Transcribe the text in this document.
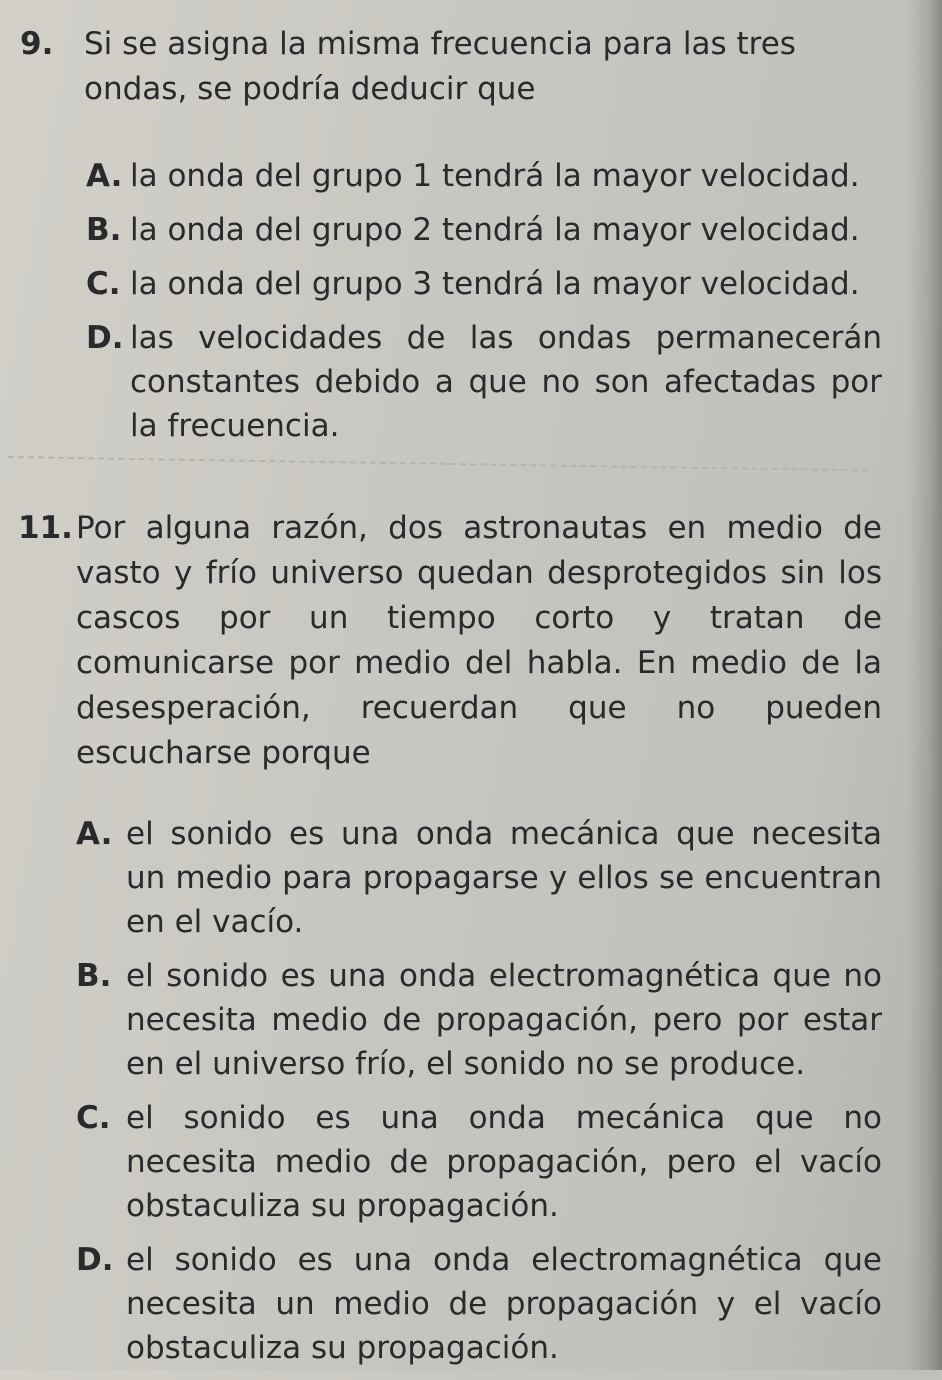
9. Si se asigna la misma frecuencia para las tres ondas, se podría deducir que
A. la onda del grupo 1 tendrá la mayor velocidad.
B. la onda del grupo 2 tendrá la mayor velocidad.
C. la onda del grupo 3 tendrá la mayor velocidad.
D. las velocidades de las ondas permanecerán constantes debido a que no son afectadas por la frecuencia.
11. Por alguna razón, dos astronautas en medio de vasto y frío universo quedan desprotegidos sin los cascos por un tiempo corto y tratan de comunicarse por medio del habla. En medio de la desesperación, recuerdan que no pueden escucharse porque
A. el sonido es una onda mecánica que necesita un medio para propagarse y ellos se encuentran en el vacío.
B. el sonido es una onda electromagnética que no necesita medio de propagación, pero por estar en el universo frío, el sonido no se produce.
C. el sonido es una onda mecánica que no necesita medio de propagación, pero el vacío obstaculiza su propagación.
D. el sonido es una onda electromagnética que necesita un medio de propagación y el vacío obstaculiza su propagación.
